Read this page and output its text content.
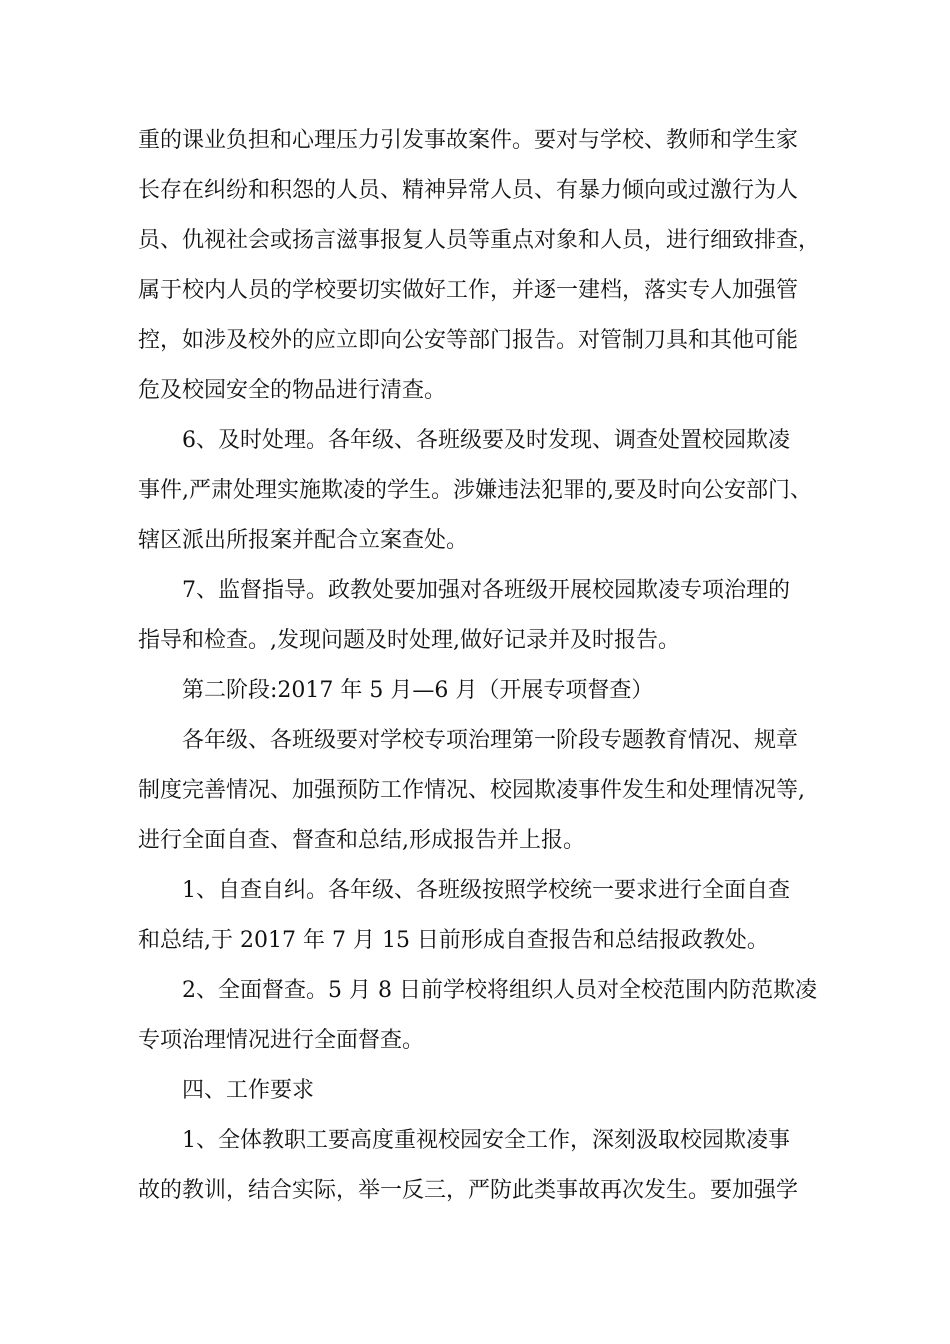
重的课业负担和心理压力引发事故案件。要对与学校、教师和学生家
长存在纠纷和积怨的人员、精神异常人员、有暴力倾向或过激行为人
员、仇视社会或扬言滋事报复人员等重点对象和人员，进行细致排查，
属于校内人员的学校要切实做好工作，并逐一建档，落实专人加强管
控，如涉及校外的应立即向公安等部门报告。对管制刀具和其他可能
危及校园安全的物品进行清查。

6、及时处理。各年级、各班级要及时发现、调查处置校园欺凌
事件,严肃处理实施欺凌的学生。涉嫌违法犯罪的,要及时向公安部门、
辖区派出所报案并配合立案查处。

7、监督指导。政教处要加强对各班级开展校园欺凌专项治理的
指导和检查。,发现问题及时处理,做好记录并及时报告。

第二阶段:2017 年 5 月—6 月（开展专项督查）

各年级、各班级要对学校专项治理第一阶段专题教育情况、规章
制度完善情况、加强预防工作情况、校园欺凌事件发生和处理情况等,
进行全面自查、督查和总结,形成报告并上报。

1、自查自纠。各年级、各班级按照学校统一要求进行全面自查
和总结,于 2017 年 7 月 15 日前形成自查报告和总结报政教处。

2、全面督查。5 月 8 日前学校将组织人员对全校范围内防范欺凌
专项治理情况进行全面督查。

四、工作要求

1、全体教职工要高度重视校园安全工作，深刻汲取校园欺凌事
故的教训，结合实际，举一反三，严防此类事故再次发生。要加强学
